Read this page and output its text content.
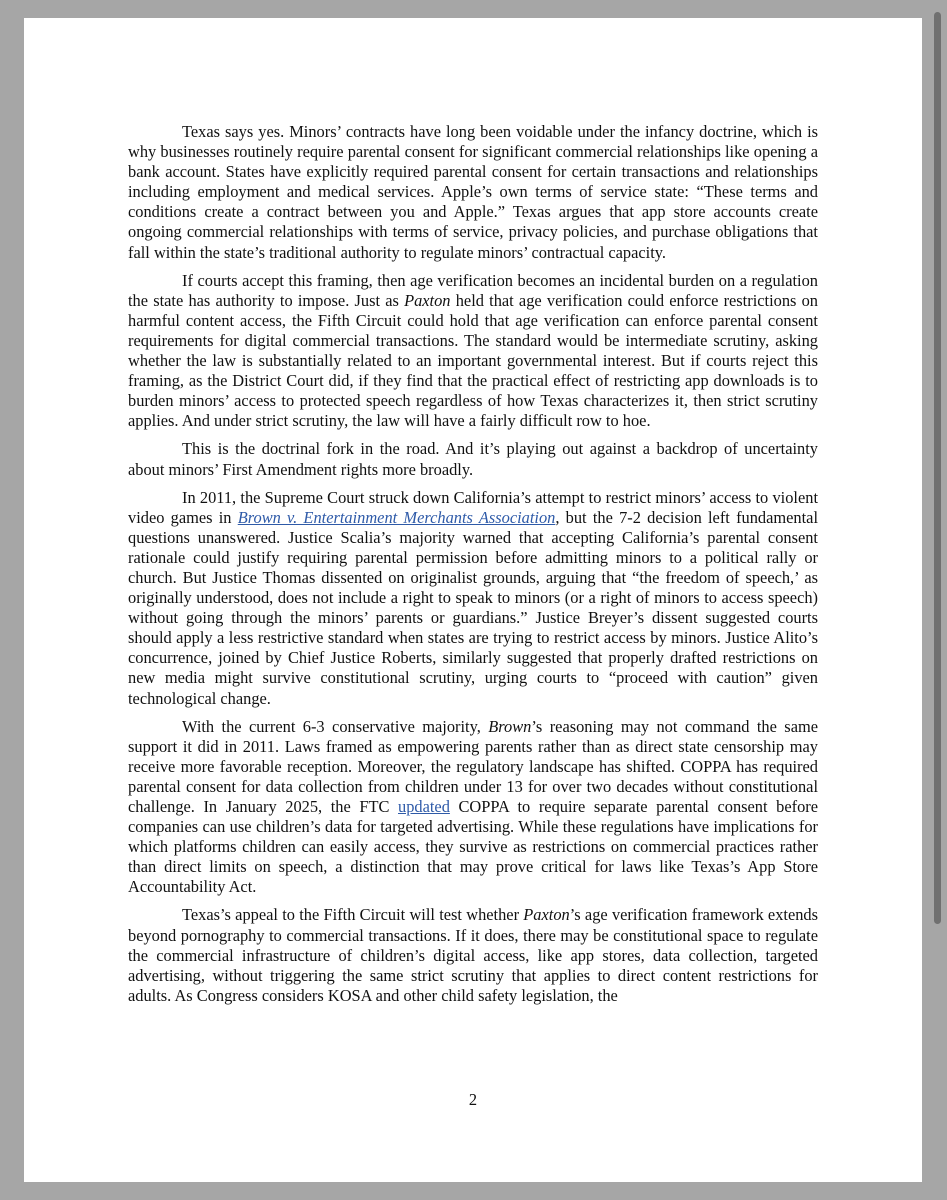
Texas says yes. Minors’ contracts have long been voidable under the infancy doctrine, which is why businesses routinely require parental consent for significant commercial relationships like opening a bank account. States have explicitly required parental consent for certain transactions and relationships including employment and medical services. Apple’s own terms of service state: “These terms and conditions create a contract between you and Apple.” Texas argues that app store accounts create ongoing commercial relationships with terms of service, privacy policies, and purchase obligations that fall within the state’s traditional authority to regulate minors’ contractual capacity.

If courts accept this framing, then age verification becomes an incidental burden on a regulation the state has authority to impose. Just as Paxton held that age verification could enforce restrictions on harmful content access, the Fifth Circuit could hold that age verification can enforce parental consent requirements for digital commercial transactions. The standard would be intermediate scrutiny, asking whether the law is substantially related to an important governmental interest. But if courts reject this framing, as the District Court did, if they find that the practical effect of restricting app downloads is to burden minors’ access to protected speech regardless of how Texas characterizes it, then strict scrutiny applies. And under strict scrutiny, the law will have a fairly difficult row to hoe.

This is the doctrinal fork in the road. And it’s playing out against a backdrop of uncertainty about minors’ First Amendment rights more broadly.

In 2011, the Supreme Court struck down California’s attempt to restrict minors’ access to violent video games in Brown v. Entertainment Merchants Association, but the 7-2 decision left fundamental questions unanswered. Justice Scalia’s majority warned that accepting California’s parental consent rationale could justify requiring parental permission before admitting minors to a political rally or church. But Justice Thomas dissented on originalist grounds, arguing that “the freedom of speech,’ as originally understood, does not include a right to speak to minors (or a right of minors to access speech) without going through the minors’ parents or guardians.” Justice Breyer’s dissent suggested courts should apply a less restrictive standard when states are trying to restrict access by minors. Justice Alito’s concurrence, joined by Chief Justice Roberts, similarly suggested that properly drafted restrictions on new media might survive constitutional scrutiny, urging courts to “proceed with caution” given technological change.

With the current 6-3 conservative majority, Brown’s reasoning may not command the same support it did in 2011. Laws framed as empowering parents rather than as direct state censorship may receive more favorable reception. Moreover, the regulatory landscape has shifted. COPPA has required parental consent for data collection from children under 13 for over two decades without constitutional challenge. In January 2025, the FTC updated COPPA to require separate parental consent before companies can use children’s data for targeted advertising. While these regulations have implications for which platforms children can easily access, they survive as restrictions on commercial practices rather than direct limits on speech, a distinction that may prove critical for laws like Texas’s App Store Accountability Act.

Texas’s appeal to the Fifth Circuit will test whether Paxton’s age verification framework extends beyond pornography to commercial transactions. If it does, there may be constitutional space to regulate the commercial infrastructure of children’s digital access, like app stores, data collection, targeted advertising, without triggering the same strict scrutiny that applies to direct content restrictions for adults. As Congress considers KOSA and other child safety legislation, the

2
